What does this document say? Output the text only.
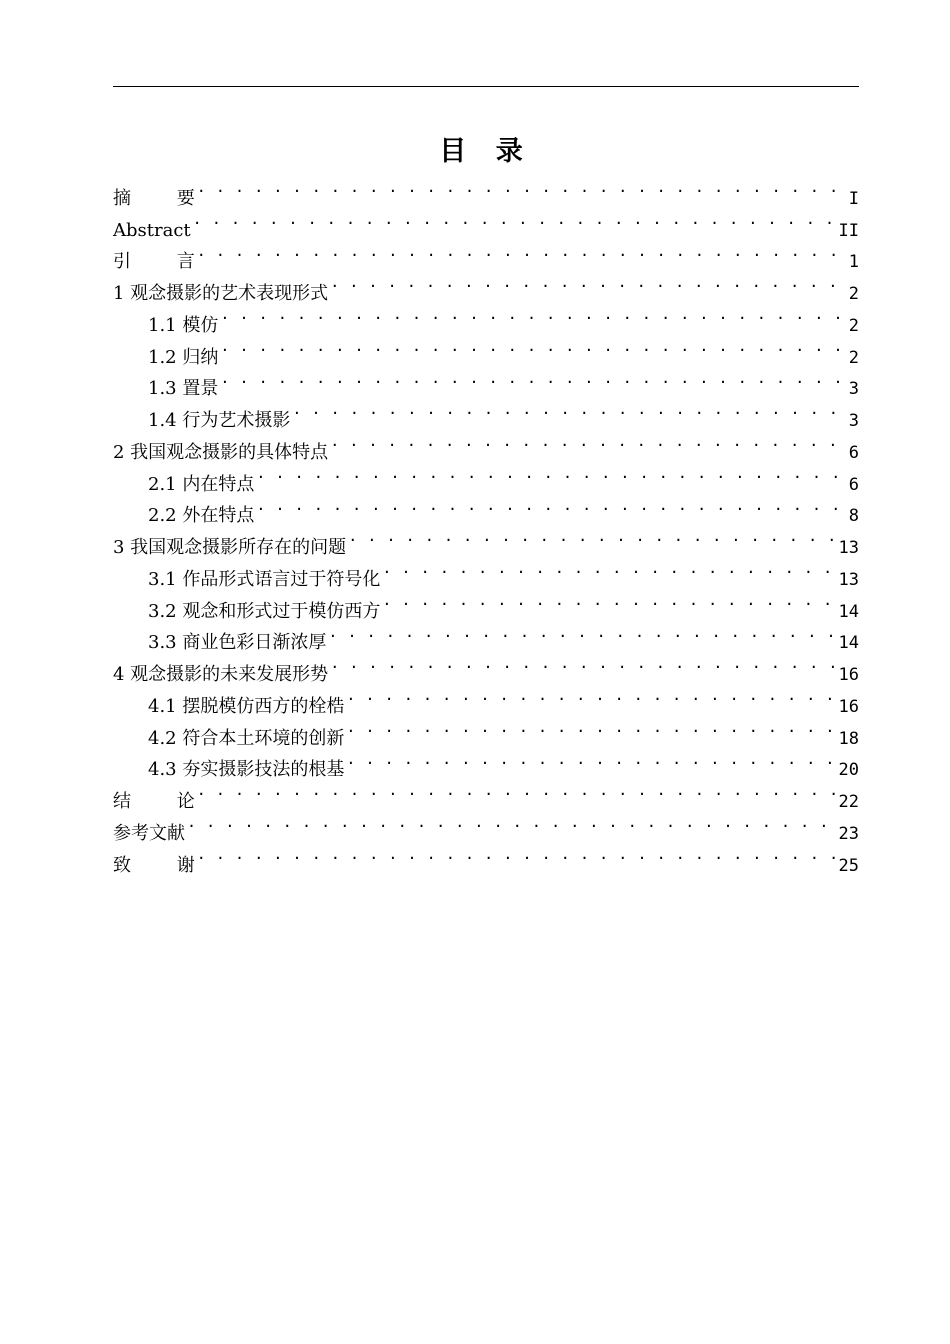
目 录
摘 要 . . .	I
Abstract . . .	II
引 言 . . .	1
1 观念摄影的艺术表现形式 . . .	2
1.1 模仿 . . .	2
1.2 归纳 . . .	2
1.3 置景 . . .	3
1.4 行为艺术摄影 . . .	3
2 我国观念摄影的具体特点 . . .	6
2.1 内在特点 . . .	6
2.2 外在特点 . . .	8
3 我国观念摄影所存在的问题 . . .	13
3.1 作品形式语言过于符号化 . . .	13
3.2 观念和形式过于模仿西方 . . .	14
3.3 商业色彩日渐浓厚 . . .	14
4 观念摄影的未来发展形势 . . .	16
4.1 摆脱模仿西方的栓梏 . . .	16
4.2 符合本土环境的创新 . . .	18
4.3 夯实摄影技法的根基 . . .	20
结 论 . . .	22
参考文献 . . .	23
致 谢 . . .	25
